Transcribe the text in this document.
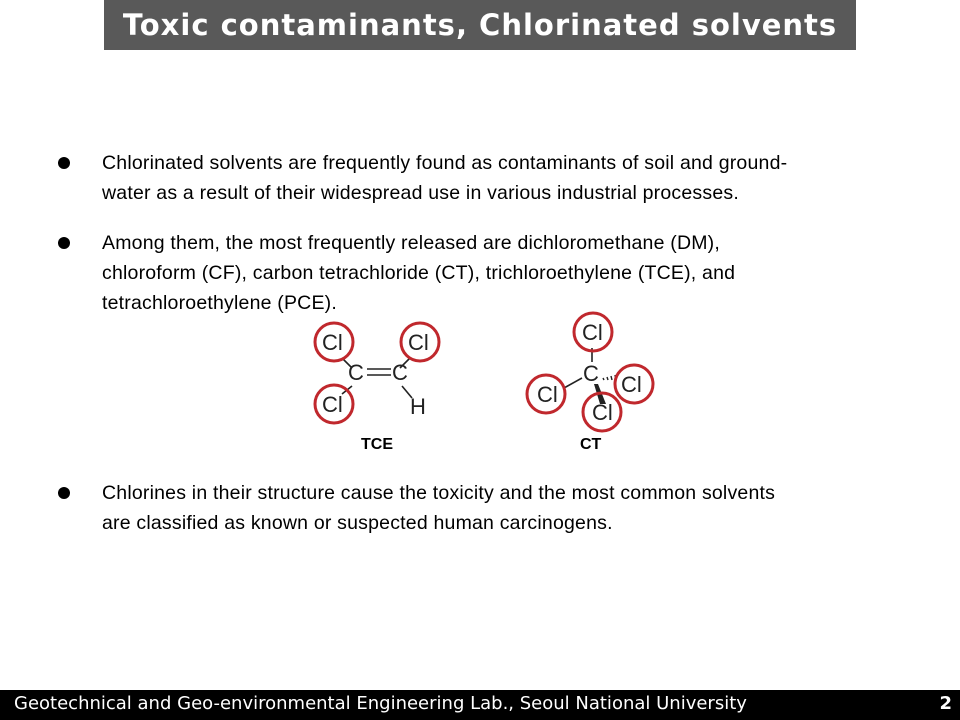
Toxic contaminants, Chlorinated solvents
Chlorinated solvents are frequently found as contaminants of soil and ground-
water as a result of their widespread use in various industrial processes.
Among them, the most frequently released are dichloromethane (DM),
chloroform (CF), carbon tetrachloride (CT), trichloroethylene (TCE), and
tetrachloroethylene (PCE).
C C
Cl	Cl
Cl	H
TCE
C
Cl
Cl	Cl
Cl
CT
Chlorines in their structure cause the toxicity and the most common solvents
are classified as known or suspected human carcinogens.
Geotechnical and Geo-environmental Engineering Lab., Seoul National University	2
